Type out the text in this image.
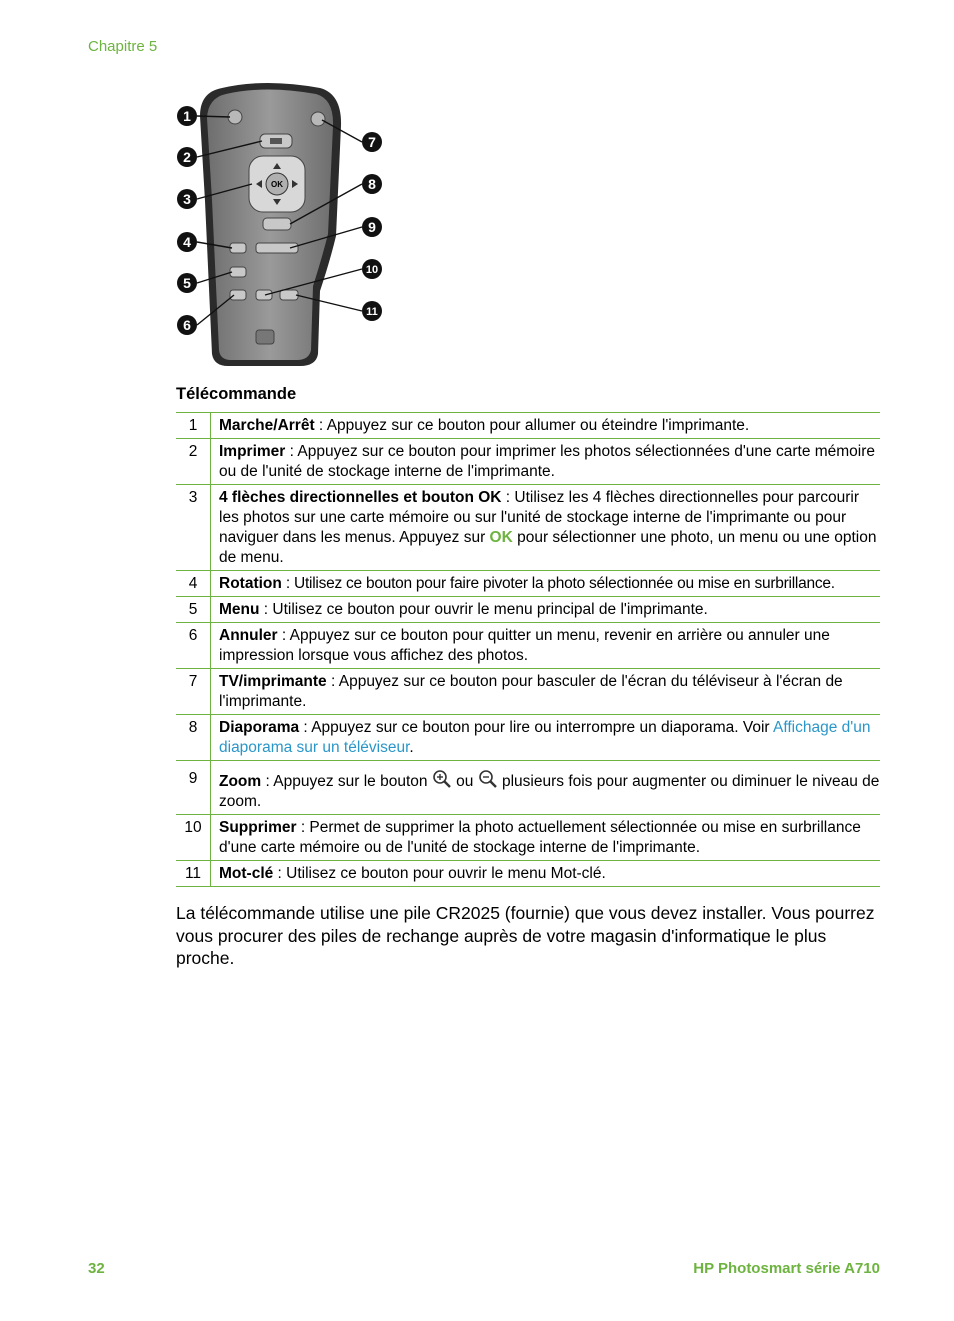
Chapitre 5
OK
1
2
3
4
5
6
7
8
9
10
11
Télécommande
1	Marche/Arrêt : Appuyez sur ce bouton pour allumer ou éteindre l'imprimante.
2	Imprimer : Appuyez sur ce bouton pour imprimer les photos sélectionnées d'une carte mémoire ou de l'unité de stockage interne de l'imprimante.
3	4 flèches directionnelles et bouton OK : Utilisez les 4 flèches directionnelles pour parcourir les photos sur une carte mémoire ou sur l'unité de stockage interne de l'imprimante ou pour naviguer dans les menus. Appuyez sur OK pour sélectionner une photo, un menu ou une option de menu.
4	Rotation : Utilisez ce bouton pour faire pivoter la photo sélectionnée ou mise en surbrillance.
5	Menu : Utilisez ce bouton pour ouvrir le menu principal de l'imprimante.
6	Annuler : Appuyez sur ce bouton pour quitter un menu, revenir en arrière ou annuler une impression lorsque vous affichez des photos.
7	TV/imprimante : Appuyez sur ce bouton pour basculer de l'écran du téléviseur à l'écran de l'imprimante.
8	Diaporama : Appuyez sur ce bouton pour lire ou interrompre un diaporama. Voir Affichage d'un diaporama sur un téléviseur.
9	Zoom : Appuyez sur le bouton  ou  plusieurs fois pour augmenter ou diminuer le niveau de zoom.
10	Supprimer : Permet de supprimer la photo actuellement sélectionnée ou mise en surbrillance d'une carte mémoire ou de l'unité de stockage interne de l'imprimante.
11	Mot-clé : Utilisez ce bouton pour ouvrir le menu Mot-clé.
La télécommande utilise une pile CR2025 (fournie) que vous devez installer. Vous pourrez vous procurer des piles de rechange auprès de votre magasin d'informatique le plus proche.
32	HP Photosmart série A710
